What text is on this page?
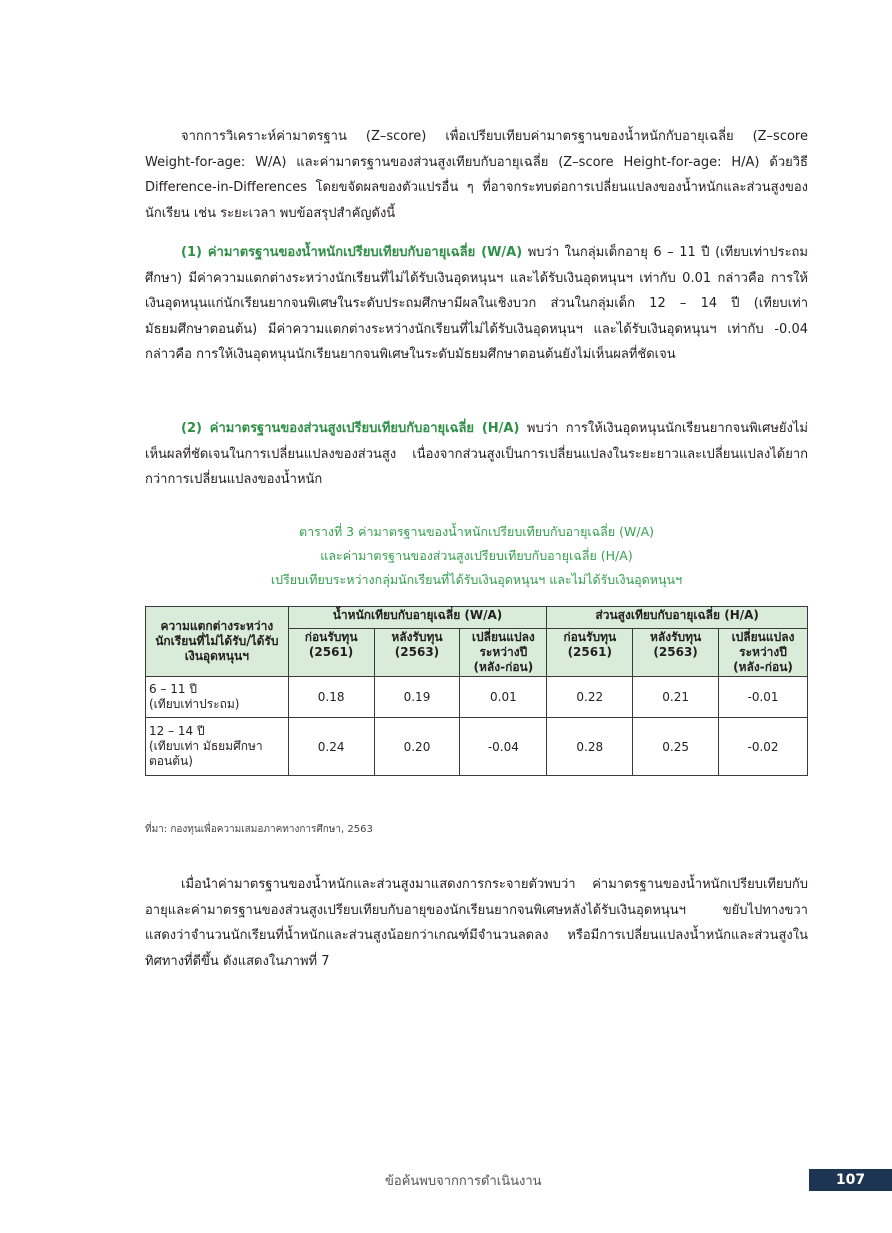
จากการวิเคราะห์ค่ามาตรฐาน (Z–score) เพื่อเปรียบเทียบค่ามาตรฐานของน้ำหนักกับอายุเฉลี่ย (Z–score Weight-for-age: W/A) และค่ามาตรฐานของส่วนสูงเทียบกับอายุเฉลี่ย (Z–score Height-for-age: H/A) ด้วยวิธี Difference-in-Differences โดยขจัดผลของตัวแปรอื่น ๆ ที่อาจกระทบต่อการเปลี่ยนแปลงของน้ำหนักและส่วนสูงของนักเรียน เช่น ระยะเวลา พบข้อสรุปสำคัญดังนี้

(1) ค่ามาตรฐานของน้ำหนักเปรียบเทียบกับอายุเฉลี่ย (W/A) พบว่า ในกลุ่มเด็กอายุ 6 – 11 ปี (เทียบเท่าประถมศึกษา) มีค่าความแตกต่างระหว่างนักเรียนที่ไม่ได้รับเงินอุดหนุนฯ และได้รับเงินอุดหนุนฯ เท่ากับ 0.01 กล่าวคือ การให้เงินอุดหนุนแก่นักเรียนยากจนพิเศษในระดับประถมศึกษามีผลในเชิงบวก ส่วนในกลุ่มเด็ก 12 – 14 ปี (เทียบเท่ามัธยมศึกษาตอนต้น) มีค่าความแตกต่างระหว่างนักเรียนที่ไม่ได้รับเงินอุดหนุนฯ และได้รับเงินอุดหนุนฯ เท่ากับ -0.04 กล่าวคือ การให้เงินอุดหนุนนักเรียนยากจนพิเศษในระดับมัธยมศึกษาตอนต้นยังไม่เห็นผลที่ชัดเจน

(2) ค่ามาตรฐานของส่วนสูงเปรียบเทียบกับอายุเฉลี่ย (H/A) พบว่า การให้เงินอุดหนุนนักเรียนยากจนพิเศษยังไม่เห็นผลที่ชัดเจนในการเปลี่ยนแปลงของส่วนสูง เนื่องจากส่วนสูงเป็นการเปลี่ยนแปลงในระยะยาวและเปลี่ยนแปลงได้ยากกว่าการเปลี่ยนแปลงของน้ำหนัก

ตารางที่ 3 ค่ามาตรฐานของน้ำหนักเปรียบเทียบกับอายุเฉลี่ย (W/A)
และค่ามาตรฐานของส่วนสูงเปรียบเทียบกับอายุเฉลี่ย (H/A)
เปรียบเทียบระหว่างกลุ่มนักเรียนที่ได้รับเงินอุดหนุนฯ และไม่ได้รับเงินอุดหนุนฯ
ความแตกต่างระหว่างนักเรียนที่ไม่ได้รับ/ได้รับเงินอุดหนุนฯ	น้ำหนักเทียบกับอายุเฉลี่ย (W/A)			ส่วนสูงเทียบกับอายุเฉลี่ย (H/A)		
	ก่อนรับทุน (2561)	หลังรับทุน (2563)	เปลี่ยนแปลงระหว่างปี (หลัง-ก่อน)	ก่อนรับทุน (2561)	หลังรับทุน (2563)	เปลี่ยนแปลงระหว่างปี (หลัง-ก่อน)

6 – 11 ปี
(เทียบเท่าประถม)	0.18	0.19	0.01	0.22	0.21	-0.01

12 – 14 ปี
(เทียบเท่า มัธยมศึกษาตอนต้น)	0.24	0.20	-0.04	0.28	0.25	-0.02
ที่มา: กองทุนเพื่อความเสมอภาคทางการศึกษา, 2563

เมื่อนำค่ามาตรฐานของน้ำหนักและส่วนสูงมาแสดงการกระจายตัวพบว่า ค่ามาตรฐานของน้ำหนักเปรียบเทียบกับอายุและค่ามาตรฐานของส่วนสูงเปรียบเทียบกับอายุของนักเรียนยากจนพิเศษหลังได้รับเงินอุดหนุนฯ ขยับไปทางขวา แสดงว่าจำนวนนักเรียนที่น้ำหนักและส่วนสูงน้อยกว่าเกณฑ์มีจำนวนลดลง หรือมีการเปลี่ยนแปลงน้ำหนักและส่วนสูงในทิศทางที่ดีขึ้น ดังแสดงในภาพที่ 7

ข้อค้นพบจากการดำเนินงาน	107
